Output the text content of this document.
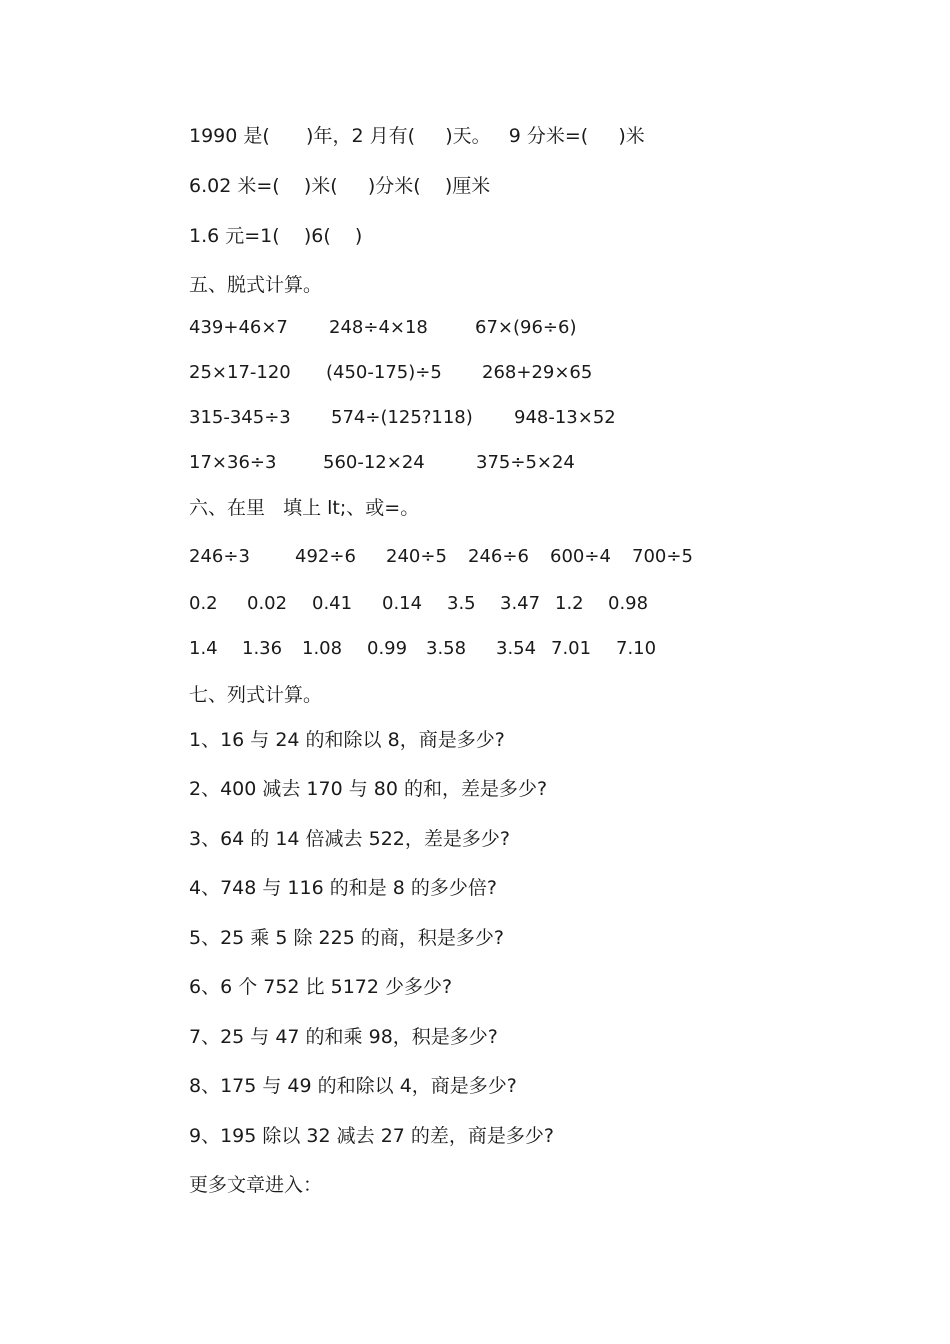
1990 是(      )年，2 月有(     )天。   9 分米=(     )米
6.02 米=(    )米(     )分米(    )厘米
1.6 元=1(    )6(    )
五、脱式计算。
439+46×7 248÷4×18	67×(96÷6)
25×17-120 (450-175)÷5 268+29×65
315-345÷3 574÷(125?118) 948-13×52
17×36÷3	560-12×24	375÷5×24
六、在里   填上 lt;、或=。
246÷3	492÷6 240÷5 246÷6 600÷4 700÷5
0.2 0.02 0.41 0.14 3.5 3.47 1.2 0.98
1.4 1.36 1.08 0.99 3.58 3.54 7.01 7.10
七、列式计算。
1、16 与 24 的和除以 8，商是多少?
2、400 减去 170 与 80 的和，差是多少?
3、64 的 14 倍减去 522，差是多少?
4、748 与 116 的和是 8 的多少倍?
5、25 乘 5 除 225 的商，积是多少?
6、6 个 752 比 5172 少多少?
7、25 与 47 的和乘 98，积是多少?
8、175 与 49 的和除以 4，商是多少?
9、195 除以 32 减去 27 的差，商是多少?
更多文章进入：
